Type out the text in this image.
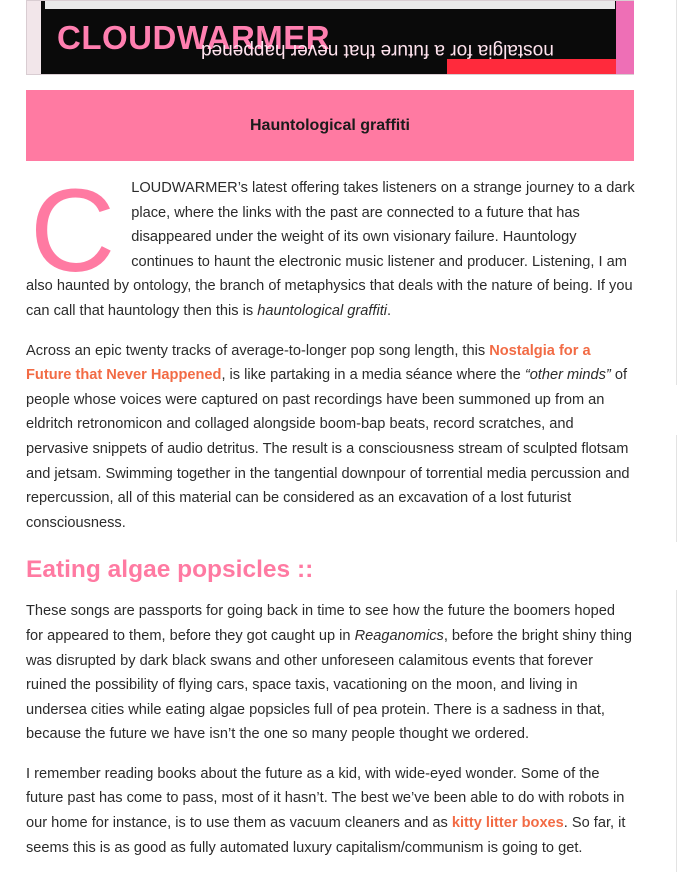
CLOUDWARMER
nostalgia for a future that never happened
Hauntological graffiti

C LOUDWARMER’s latest offering takes listeners on a strange journey to a dark place, where the links with the past are connected to a future that has disappeared under the weight of its own visionary failure. Hauntology continues to haunt the electronic music listener and producer. Listening, I am also haunted by ontology, the branch of metaphysics that deals with the nature of being. If you can call that hauntology then this is hauntological graffiti.

Across an epic twenty tracks of average-to-longer pop song length, this Nostalgia for a Future that Never Happened, is like partaking in a media séance where the “other minds” of people whose voices were captured on past recordings have been summoned up from an eldritch retronomicon and collaged alongside boom-bap beats, record scratches, and pervasive snippets of audio detritus. The result is a consciousness stream of sculpted flotsam and jetsam. Swimming together in the tangential downpour of torrential media percussion and repercussion, all of this material can be considered as an excavation of a lost futurist consciousness.

Eating algae popsicles ::

These songs are passports for going back in time to see how the future the boomers hoped for appeared to them, before they got caught up in Reaganomics, before the bright shiny thing was disrupted by dark black swans and other unforeseen calamitous events that forever ruined the possibility of flying cars, space taxis, vacationing on the moon, and living in undersea cities while eating algae popsicles full of pea protein. There is a sadness in that, because the future we have isn’t the one so many people thought we ordered.

I remember reading books about the future as a kid, with wide-eyed wonder. Some of the future past has come to pass, most of it hasn’t. The best we’ve been able to do with robots in our home for instance, is to use them as vacuum cleaners and as kitty litter boxes. So far, it seems this is as good as fully automated luxury capitalism/communism is going to get.
